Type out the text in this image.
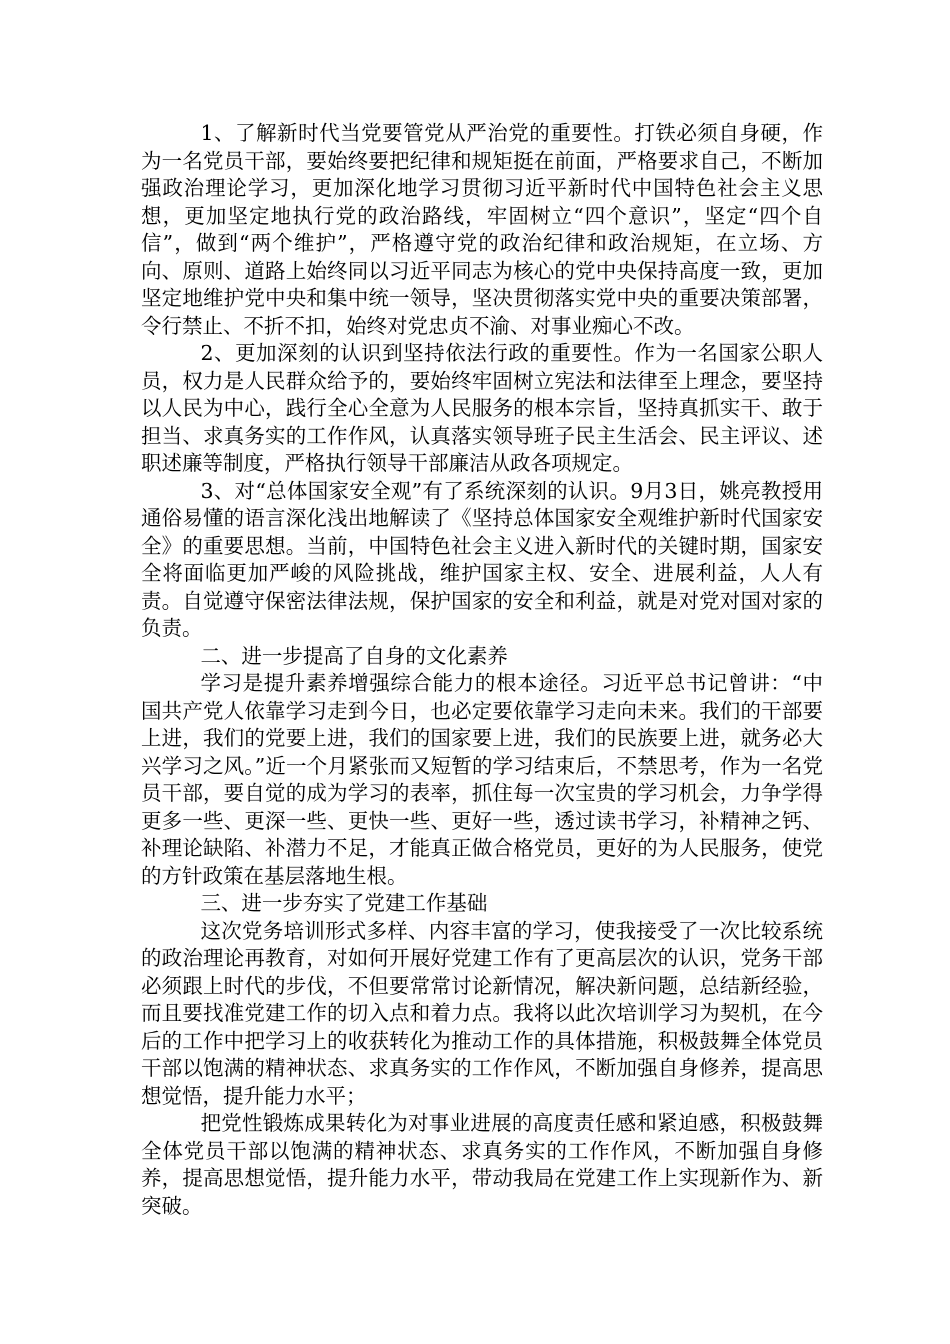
1、了解新时代当党要管党从严治党的重要性。打铁必须自身硬，作为一名党员干部，要始终要把纪律和规矩挺在前面，严格要求自己，不断加强政治理论学习，更加深化地学习贯彻习近平新时代中国特色社会主义思想，更加坚定地执行党的政治路线，牢固树立“四个意识”，坚定“四个自信”，做到“两个维护”，严格遵守党的政治纪律和政治规矩，在立场、方向、原则、道路上始终同以习近平同志为核心的党中央保持高度一致，更加坚定地维护党中央和集中统一领导，坚决贯彻落实党中央的重要决策部署，令行禁止、不折不扣，始终对党忠贞不渝、对事业痴心不改。

2、更加深刻的认识到坚持依法行政的重要性。作为一名国家公职人员，权力是人民群众给予的，要始终牢固树立宪法和法律至上理念，要坚持以人民为中心，践行全心全意为人民服务的根本宗旨，坚持真抓实干、敢于担当、求真务实的工作作风，认真落实领导班子民主生活会、民主评议、述职述廉等制度，严格执行领导干部廉洁从政各项规定。

3、对“总体国家安全观”有了系统深刻的认识。9月3日，姚亮教授用通俗易懂的语言深化浅出地解读了《坚持总体国家安全观维护新时代国家安全》的重要思想。当前，中国特色社会主义进入新时代的关键时期，国家安全将面临更加严峻的风险挑战，维护国家主权、安全、进展利益，人人有责。自觉遵守保密法律法规，保护国家的安全和利益，就是对党对国对家的负责。

二、进一步提高了自身的文化素养

学习是提升素养增强综合能力的根本途径。习近平总书记曾讲：“中国共产党人依靠学习走到今日，也必定要依靠学习走向未来。我们的干部要上进，我们的党要上进，我们的国家要上进，我们的民族要上进，就务必大兴学习之风。”近一个月紧张而又短暂的学习结束后，不禁思考，作为一名党员干部，要自觉的成为学习的表率，抓住每一次宝贵的学习机会，力争学得更多一些、更深一些、更快一些、更好一些，透过读书学习，补精神之钙、补理论缺陷、补潜力不足，才能真正做合格党员，更好的为人民服务，使党的方针政策在基层落地生根。

三、进一步夯实了党建工作基础

这次党务培训形式多样、内容丰富的学习，使我接受了一次比较系统的政治理论再教育，对如何开展好党建工作有了更高层次的认识，党务干部必须跟上时代的步伐，不但要常常讨论新情况，解决新问题，总结新经验，而且要找准党建工作的切入点和着力点。我将以此次培训学习为契机，在今后的工作中把学习上的收获转化为推动工作的具体措施，积极鼓舞全体党员干部以饱满的精神状态、求真务实的工作作风，不断加强自身修养，提高思想觉悟，提升能力水平；

把党性锻炼成果转化为对事业进展的高度责任感和紧迫感，积极鼓舞全体党员干部以饱满的精神状态、求真务实的工作作风，不断加强自身修养，提高思想觉悟，提升能力水平，带动我局在党建工作上实现新作为、新突破。
